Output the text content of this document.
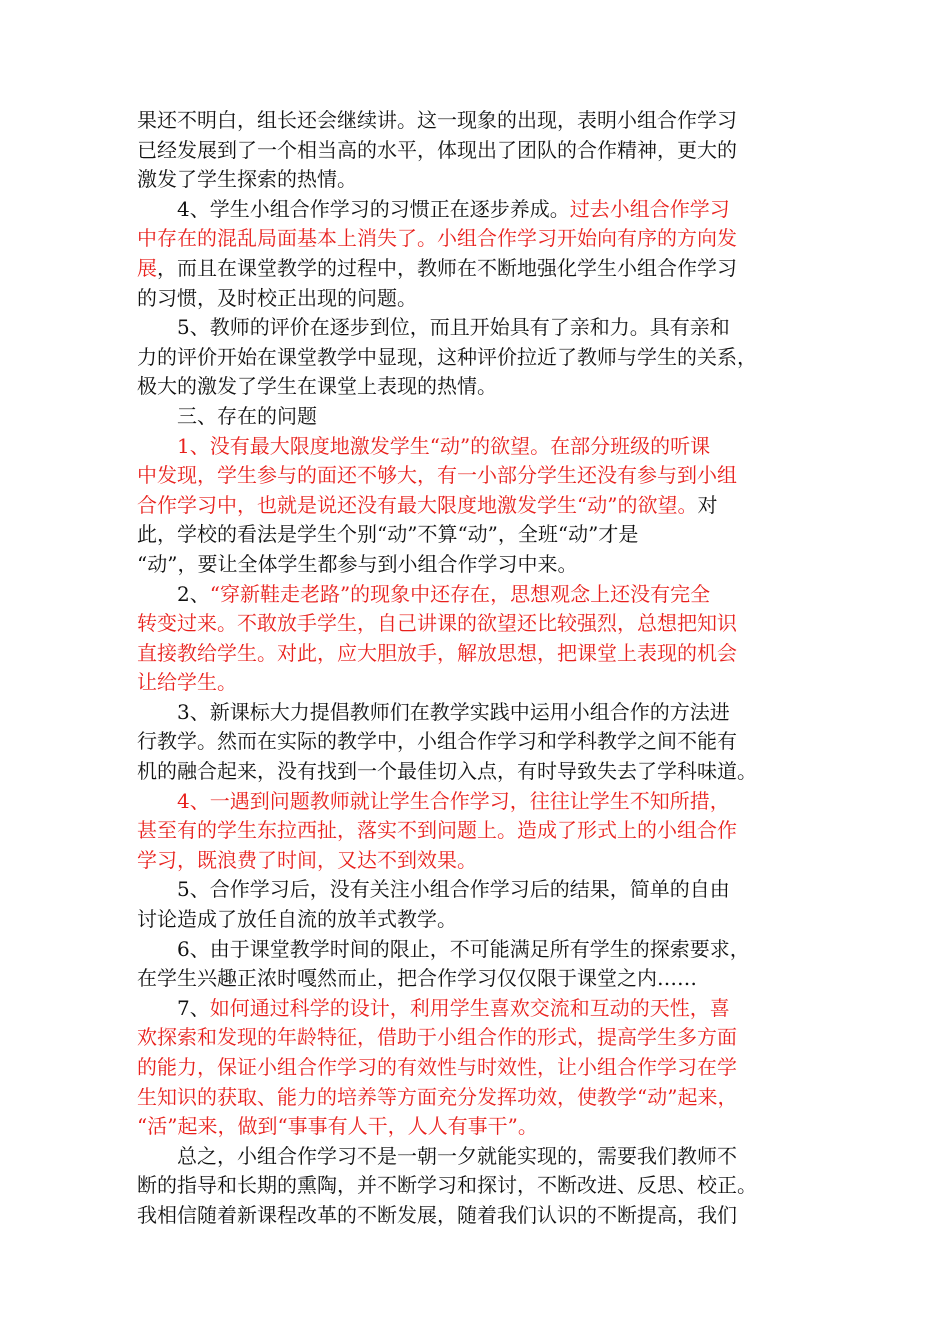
果还不明白，组长还会继续讲。这一现象的出现，表明小组合作学习
已经发展到了一个相当高的水平，体现出了团队的合作精神，更大的
激发了学生探索的热情。
　　4、学生小组合作学习的习惯正在逐步养成。过去小组合作学习
中存在的混乱局面基本上消失了。小组合作学习开始向有序的方向发
展，而且在课堂教学的过程中，教师在不断地强化学生小组合作学习
的习惯，及时校正出现的问题。
　　5、教师的评价在逐步到位，而且开始具有了亲和力。具有亲和
力的评价开始在课堂教学中显现，这种评价拉近了教师与学生的关系，
极大的激发了学生在课堂上表现的热情。
　　三、存在的问题
　　1、没有最大限度地激发学生“动”的欲望。在部分班级的听课
中发现，学生参与的面还不够大，有一小部分学生还没有参与到小组
合作学习中，也就是说还没有最大限度地激发学生“动”的欲望。对
此，学校的看法是学生个别“动”不算“动”，全班“动”才是
“动”，要让全体学生都参与到小组合作学习中来。
　　2、“穿新鞋走老路”的现象中还存在，思想观念上还没有完全
转变过来。不敢放手学生，自己讲课的欲望还比较强烈，总想把知识
直接教给学生。对此，应大胆放手，解放思想，把课堂上表现的机会
让给学生。
　　3、新课标大力提倡教师们在教学实践中运用小组合作的方法进
行教学。然而在实际的教学中，小组合作学习和学科教学之间不能有
机的融合起来，没有找到一个最佳切入点，有时导致失去了学科味道。
　　4、一遇到问题教师就让学生合作学习，往往让学生不知所措，
甚至有的学生东拉西扯，落实不到问题上。造成了形式上的小组合作
学习，既浪费了时间，又达不到效果。
　　5、合作学习后，没有关注小组合作学习后的结果，简单的自由
讨论造成了放任自流的放羊式教学。
　　6、由于课堂教学时间的限止，不可能满足所有学生的探索要求，
在学生兴趣正浓时嘎然而止，把合作学习仅仅限于课堂之内……
　　7、如何通过科学的设计，利用学生喜欢交流和互动的天性，喜
欢探索和发现的年龄特征，借助于小组合作的形式，提高学生多方面
的能力，保证小组合作学习的有效性与时效性，让小组合作学习在学
生知识的获取、能力的培养等方面充分发挥功效，使教学“动”起来，
“活”起来，做到“事事有人干，人人有事干”。
　　总之，小组合作学习不是一朝一夕就能实现的，需要我们教师不
断的指导和长期的熏陶，并不断学习和探讨，不断改进、反思、校正。
我相信随着新课程改革的不断发展，随着我们认识的不断提高，我们
